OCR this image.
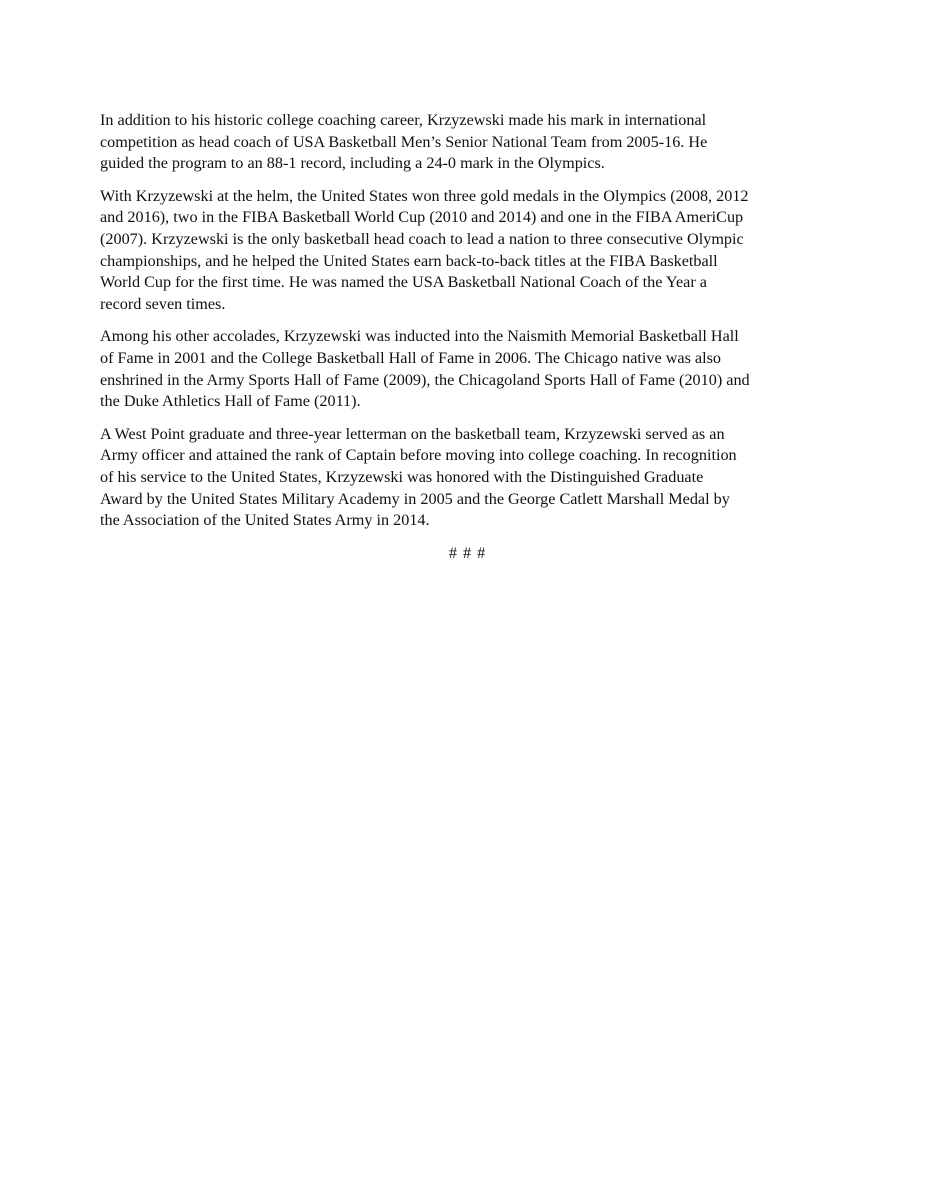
In addition to his historic college coaching career, Krzyzewski made his mark in international
competition as head coach of USA Basketball Men’s Senior National Team from 2005-16. He
guided the program to an 88-1 record, including a 24-0 mark in the Olympics.

With Krzyzewski at the helm, the United States won three gold medals in the Olympics (2008, 2012
and 2016), two in the FIBA Basketball World Cup (2010 and 2014) and one in the FIBA AmeriCup
(2007). Krzyzewski is the only basketball head coach to lead a nation to three consecutive Olympic
championships, and he helped the United States earn back-to-back titles at the FIBA Basketball
World Cup for the first time. He was named the USA Basketball National Coach of the Year a
record seven times.

Among his other accolades, Krzyzewski was inducted into the Naismith Memorial Basketball Hall
of Fame in 2001 and the College Basketball Hall of Fame in 2006. The Chicago native was also
enshrined in the Army Sports Hall of Fame (2009), the Chicagoland Sports Hall of Fame (2010) and
the Duke Athletics Hall of Fame (2011).

A West Point graduate and three-year letterman on the basketball team, Krzyzewski served as an
Army officer and attained the rank of Captain before moving into college coaching. In recognition
of his service to the United States, Krzyzewski was honored with the Distinguished Graduate
Award by the United States Military Academy in 2005 and the George Catlett Marshall Medal by
the Association of the United States Army in 2014.

# # #
